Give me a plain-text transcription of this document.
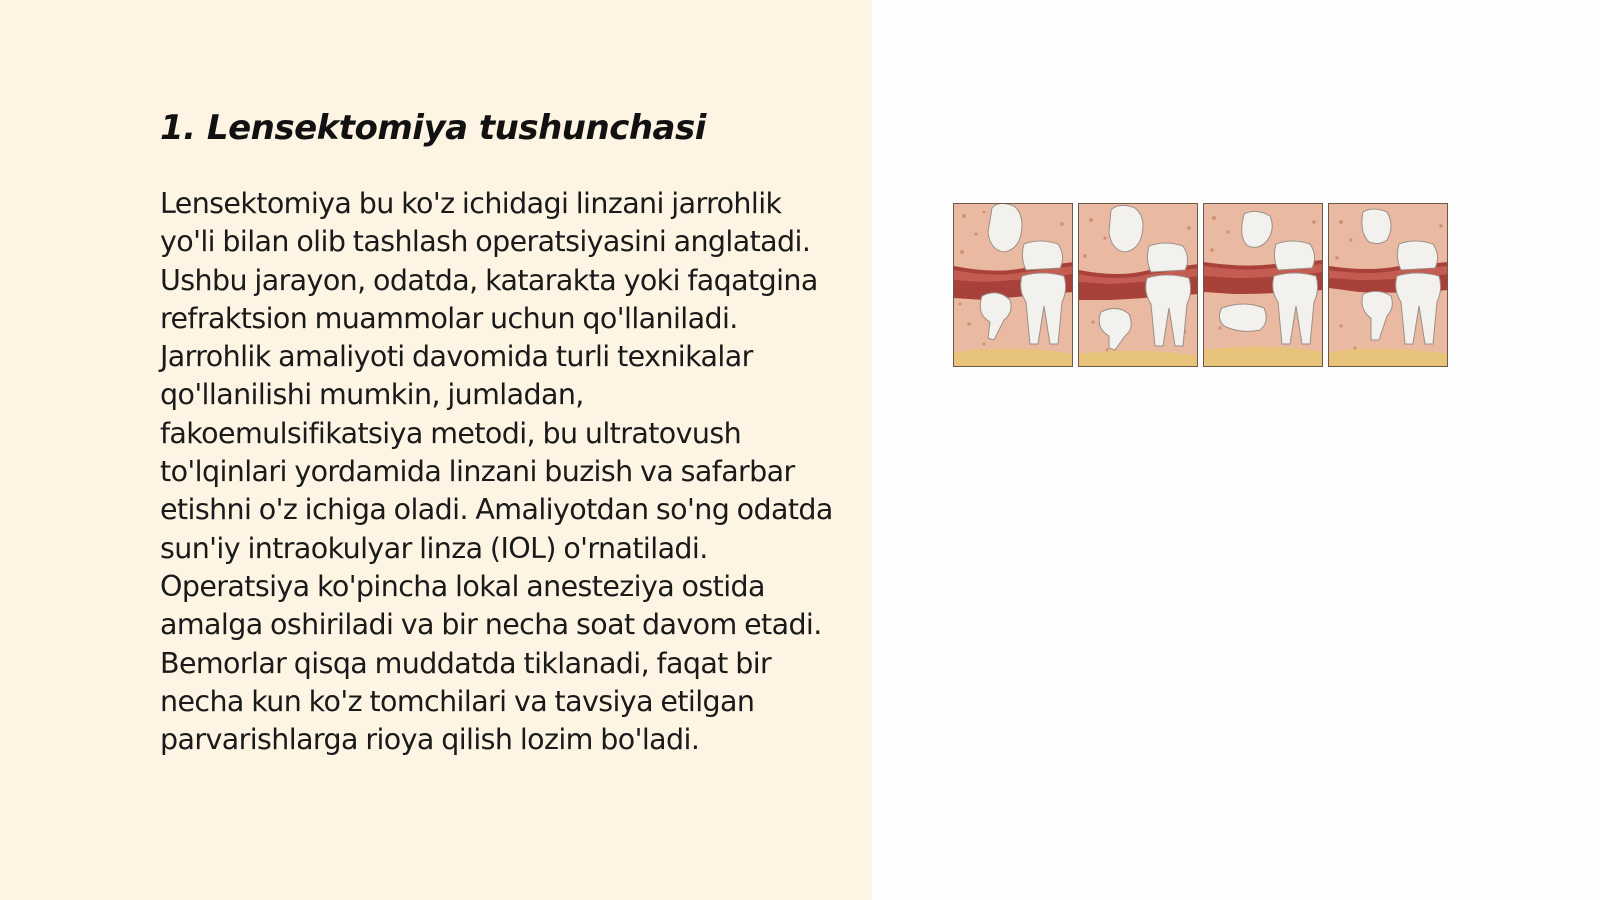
1. Lensektomiya tushunchasi

Lensektomiya bu ko'z ichidagi linzani jarrohlik yo'li bilan olib tashlash operatsiyasini anglatadi. Ushbu jarayon, odatda, katarakta yoki faqatgina refraktsion muammolar uchun qo'llaniladi. Jarrohlik amaliyoti davomida turli texnikalar qo'llanilishi mumkin, jumladan, fakoemulsifikatsiya metodi, bu ultratovush to'lqinlari yordamida linzani buzish va safarbar etishni o'z ichiga oladi. Amaliyotdan so'ng odatda sun'iy intraokulyar linza (IOL) o'rnatiladi. Operatsiya ko'pincha lokal anesteziya ostida amalga oshiriladi va bir necha soat davom etadi. Bemorlar qisqa muddatda tiklanadi, faqat bir necha kun ko'z tomchilari va tavsiya etilgan parvarishlarga rioya qilish lozim bo'ladi.
